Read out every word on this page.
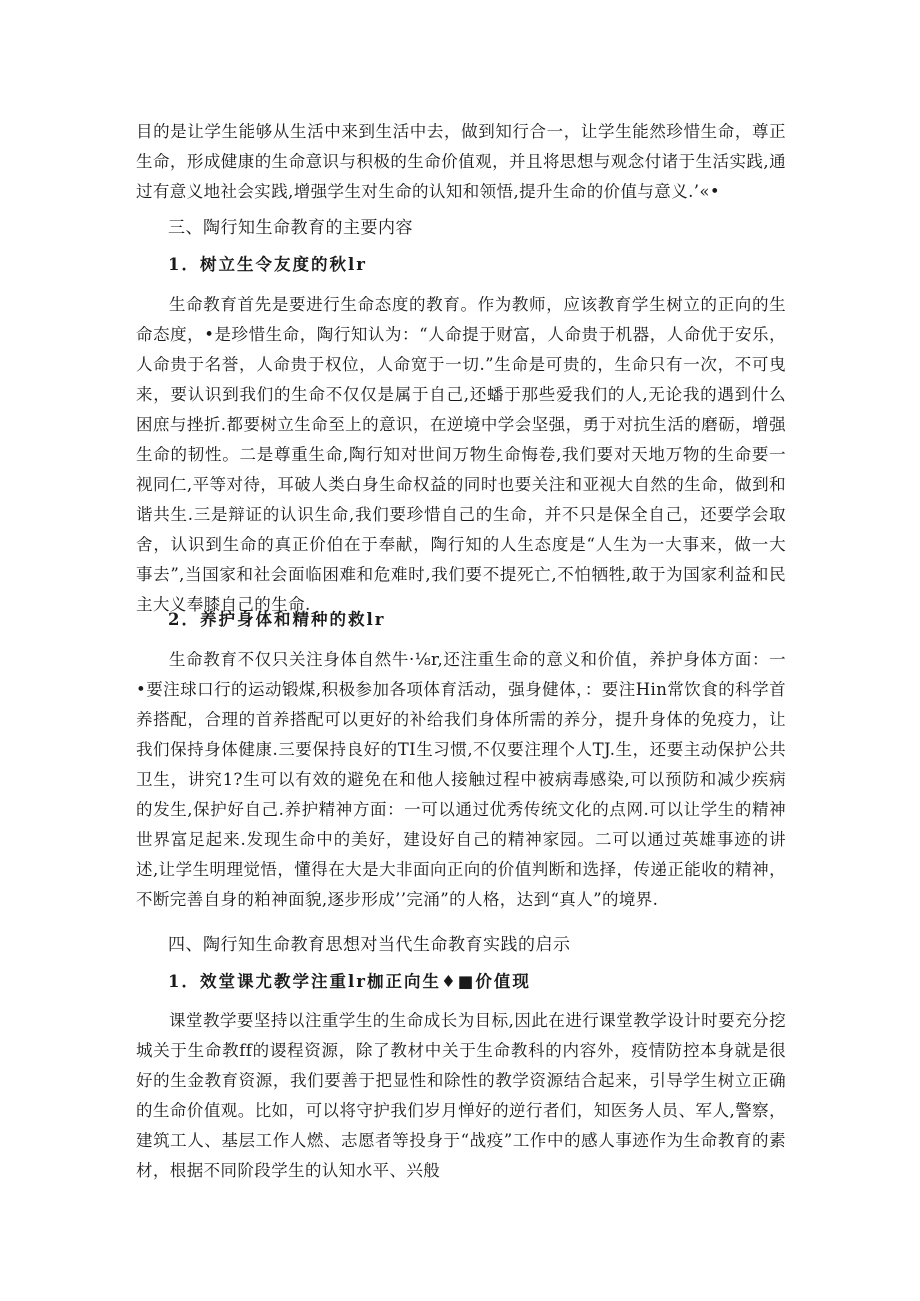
目的是让学生能够从生活中来到生活中去，做到知行合一，让学生能然珍惜生命，尊正生命，形成健康的生命意识与积极的生命价值观，并且将思想与观念付诸于生活实践,通过有意义地社会实践,增强学生对生命的认知和领悟,提升生命的价值与意义.’«•

三、陶行知生命教育的主要内容
1．树立生令友度的秋lr

生命教育首先是要进行生命态度的教育。作为教师，应该教育学生树立的正向的生命态度，•是珍惜生命，陶行知认为：“人命提于财富，人命贵于机器，人命优于安乐，人命贵于名誉，人命贵于权位，人命宽于一切.”生命是可贵的，生命只有一次，不可曳来，要认识到我们的生命不仅仅是属于自己,还蟠于那些爱我们的人,无论我的遇到什么困庶与挫折.都要树立生命至上的意识，在逆境中学会坚强，勇于对抗生活的磨砺，增强生命的韧性。二是尊重生命,陶行知对世间万物生命悔卷,我们要对天地万物的生命要一视同仁,平等对待，耳破人类白身生命权益的同时也要关注和亚视大自然的生命，做到和谐共生.三是辩证的认识生命,我们要珍惜自己的生命，并不只是保全自己，还要学会取舍，认识到生命的真正价伯在于奉献，陶行知的人生态度是“人生为一大事来，做一大事去”,当国家和社会面临困难和危难时,我们要不提死亡,不怕牺牲,敢于为国家利益和民主大义奉膝自己的生命.

2．养护身体和精种的救lr

生命教育不仅只关注身体自然牛·⅛r,还注重生命的意义和价值，养护身体方面：一•要注球口行的运动锻煤,积极参加各项体育活动，强身健体，：要注Hin常饮食的科学首养搭配，合理的首养搭配可以更好的补给我们身体所需的养分，提升身体的免疫力，让我们保持身体健康.三要保持良好的TI生习惯,不仅要注理个人TJ.生，还要主动保护公共卫生，讲究1?生可以有效的避免在和他人接触过程中被病毒感染,可以预防和减少疾病的发生,保护好自己.养护精神方面：一可以通过优秀传统文化的点网.可以让学生的精神世界富足起来.发现生命中的美好，建设好自己的精神家园。二可以通过英雄事迹的讲述,让学生明理觉悟，懂得在大是大非面向正向的价值判断和选择，传递正能收的精神，不断完善自身的粕神面貌,逐步形成’’完涌”的人格，达到“真人”的境界.

四、陶行知生命教育思想对当代生命教育实践的启示
1．效堂课尤教学注重lr枷正向生♦■价值现

课堂教学要坚持以注重学生的生命成长为目标,因此在进行课堂教学设计时要充分挖城关于生命教ff的谡程资源，除了教材中关于生命教科的内容外，疫情防控本身就是很好的生金教育资源，我们要善于把显性和除性的教学资源结合起来，引导学生树立正确的生命价值观。比如，可以将守护我们岁月惮好的逆行者们，知医务人员、军人,警察，建筑工人、基层工作人燃、志愿者等投身于“战疫”工作中的感人事迹作为生命教育的素材，根据不同阶段学生的认知水平、兴般
